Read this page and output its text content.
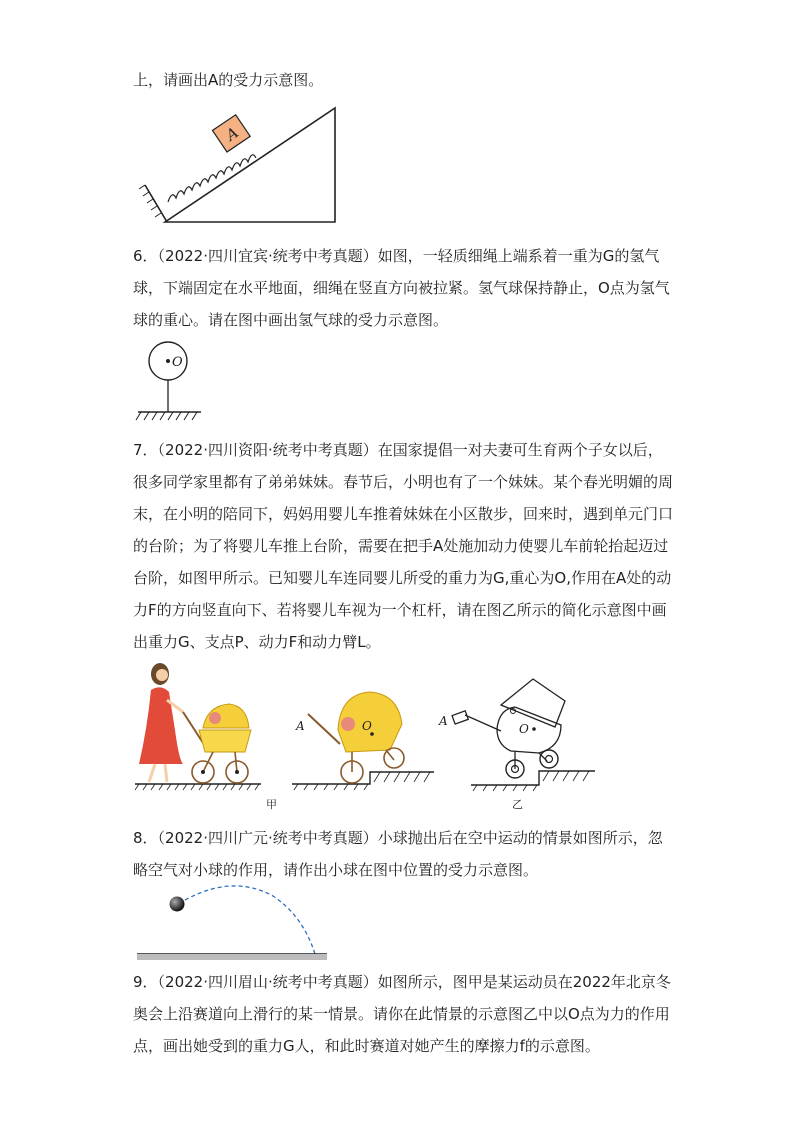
上，请画出A的受力示意图。

A

6．（2022·四川宜宾·统考中考真题）如图，一轻质细绳上端系着一重为G的氢气球，下端固定在水平地面，细绳在竖直方向被拉紧。氢气球保持静止，O点为氢气球的重心。请在图中画出氢气球的受力示意图。

O

7．（2022·四川资阳·统考中考真题）在国家提倡一对夫妻可生育两个子女以后，很多同学家里都有了弟弟妹妹。春节后，小明也有了一个妹妹。某个春光明媚的周末，在小明的陪同下，妈妈用婴儿车推着妹妹在小区散步，回来时，遇到单元门口的台阶；为了将婴儿车推上台阶，需要在把手A处施加动力使婴儿车前轮抬起迈过台阶，如图甲所示。已知婴儿车连同婴儿所受的重力为G,重心为O,作用在A处的动力F的方向竖直向下、若将婴儿车视为一个杠杆，请在图乙所示的简化示意图中画出重力G、支点P、动力F和动力臂L。

A	O	A
O
甲	乙

8．（2022·四川广元·统考中考真题）小球抛出后在空中运动的情景如图所示，忽略空气对小球的作用，请作出小球在图中位置的受力示意图。

9．（2022·四川眉山·统考中考真题）如图所示，图甲是某运动员在2022年北京冬奥会上沿赛道向上滑行的某一情景。请你在此情景的示意图乙中以O点为力的作用点，画出她受到的重力G人，和此时赛道对她产生的摩擦力f的示意图。
